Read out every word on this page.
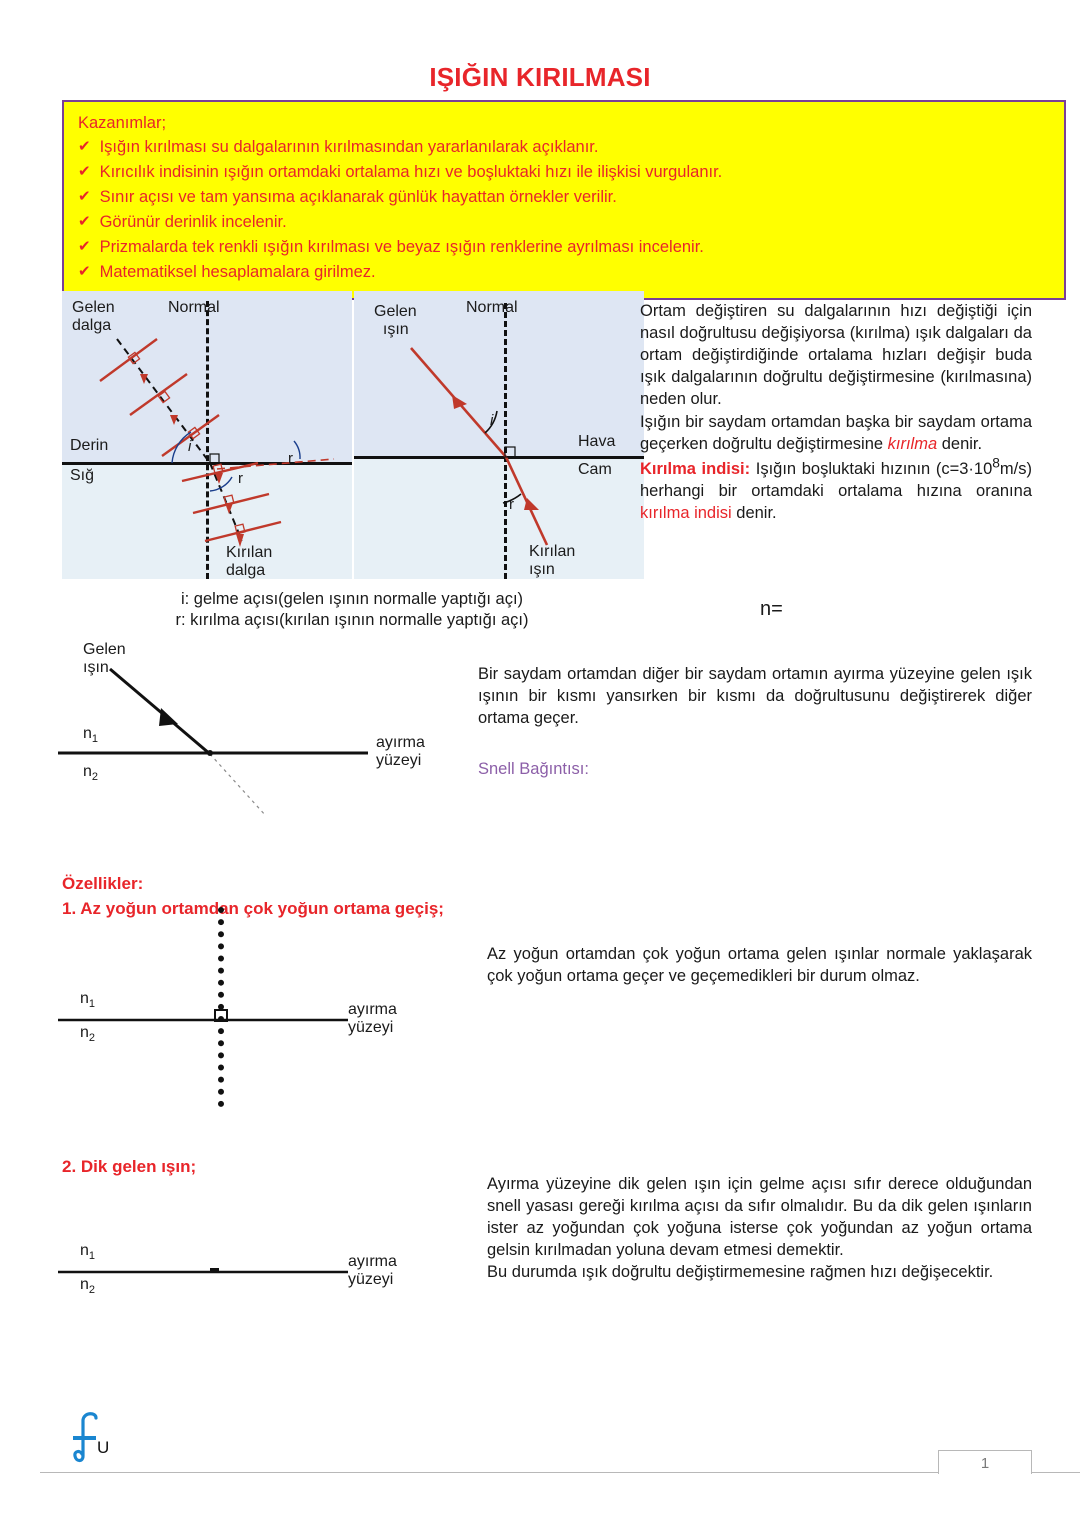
IŞIĞIN KIRILMASI
Kazanımlar;
✔ Işığın kırılması su dalgalarının kırılmasından yararlanılarak açıklanır.
✔ Kırıcılık indisinin ışığın ortamdaki ortalama hızı ve boşluktaki hızı ile ilişkisi vurgulanır.
✔ Sınır açısı ve tam yansıma açıklanarak günlük hayattan örnekler verilir.
✔ Görünür derinlik incelenir.
✔ Prizmalarda tek renkli ışığın kırılması ve beyaz ışığın renklerine ayrılması incelenir.
✔ Matematiksel hesaplamalara girilmez.
Gelen
dalga
Normal
Derin
Sığ
i
r
r
Kırılan
dalga
Gelen
ışın
Normal
Hava
Cam
i
r
Kırılan
ışın
Ortam değiştiren su dalgalarının hızı değiştiği için nasıl doğrultusu değişiyorsa (kırılma) ışık dalgaları da ortam değiştirdiğinde ortalama hızları değişir buda ışık dalgalarının doğrultu değiştirmesine (kırılmasına) neden olur.
Işığın bir saydam ortamdan başka bir saydam ortama geçerken doğrultu değiştirmesine kırılma denir.
Kırılma indisi: Işığın boşluktaki hızının $(c=3\cdot 10^8m/s)$ herhangi bir ortamdaki ortalama hızına oranına kırılma indisi denir.
i: gelme açısı(gelen ışının normalle yaptığı açı)
r: kırılma açısı(kırılan ışının normalle yaptığı açı)
n=
Gelen
ışın
$n_1$
$n_2$
ayırma
yüzeyi
Bir saydam ortamdan diğer bir saydam ortamın ayırma yüzeyine gelen ışık ışının bir kısmı yansırken bir kısmı da doğrultusunu değiştirerek diğer ortama geçer.
Snell Bağıntısı:
Özellikler:
1. Az yoğun ortamdan çok yoğun ortama geçiş;
$n_1$
$n_2$
ayırma
yüzeyi
Az yoğun ortamdan çok yoğun ortama gelen ışınlar normale yaklaşarak çok yoğun ortama geçer ve geçemedikleri bir durum olmaz.
2. Dik gelen ışın;
$n_1$
$n_2$
ayırma
yüzeyi
Ayırma yüzeyine dik gelen ışın için gelme açısı sıfır derece olduğundan snell yasası gereği kırılma açısı da sıfır olmalıdır. Bu da dik gelen ışınların ister az yoğundan çok yoğuna isterse çok yoğundan az yoğun ortama gelsin kırılmadan yoluna devam etmesi demektir.
Bu durumda ışık doğrultu değiştirmemesine rağmen hızı değişecektir.
U
1
